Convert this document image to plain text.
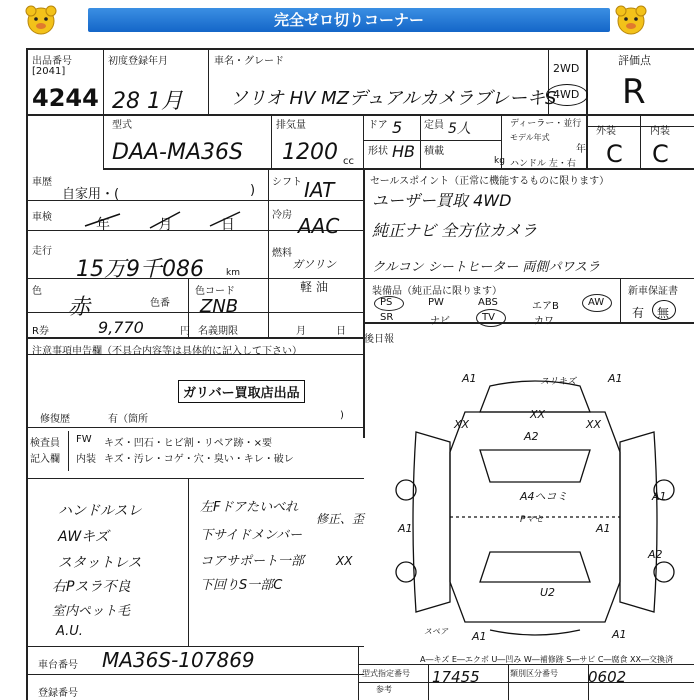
完全ゼロ切りコーナー
出品番号
[2041]
4244
初度登録年月
28 1月
車名・グレード
ソリオ HV MZデュアルカメラブレーキS
2WD
4WD
評価点
R
型式
DAA-MA36S
排気量
1200 cc
ドア 5 定員 5人	ディーラー・並行
モデル年式
年
形状 HB 積載
kg ハンドル 左・右
外装	内装
C C
車歴
自家用・(	)
シフト IAT
車検	年 月 日
冷房 AAC
走行
15万9千086 km
燃料
ガソリン
軽 油
色
赤	色番
色コード
ZNB
R券	9,770	円 名義期限	月	日
セールスポイント（正常に機能するものに限ります）
ユーザー買取 4WD
純正ナビ 全方位カメラ
クルコン シートヒーター 両側パワスラ
装備品（純正品に限ります）	新車保証書
PS	PW	ABS	エアB	AW
SR	ナビ	TV	カワ
有 無
後日報
注意事項申告欄（不具合内容等は具体的に記入して下さい）
ガリバー買取店出品
修復歴	有（箇所	)
検査員
記入欄
FW キズ・凹石・ヒビ割・リペア跡・×要
内装 キズ・汚レ・コゲ・穴・臭い・キレ・破レ
ハンドルスレ
AWキズ
スタットレス
右Pスラ不良
室内ペット毛
A.U.
左Fドアたいべれ
下サイドメンバー
コアサポート一部
下回りS一部C
修正、歪
XX
車台番号 MA36S-107869
登録番号
A―キズ E―エクボ U―凹み W―補修跡 S―サビ C―腐食 XX―交換済
型式指定番号	類別区分番号
17455	0602
参考
A1	スリキズ	A1
XX
XX
XX
A2
A1
A4ヘコミ
Pマセ
A1
A1
A2
U2
スペア A1	A1
